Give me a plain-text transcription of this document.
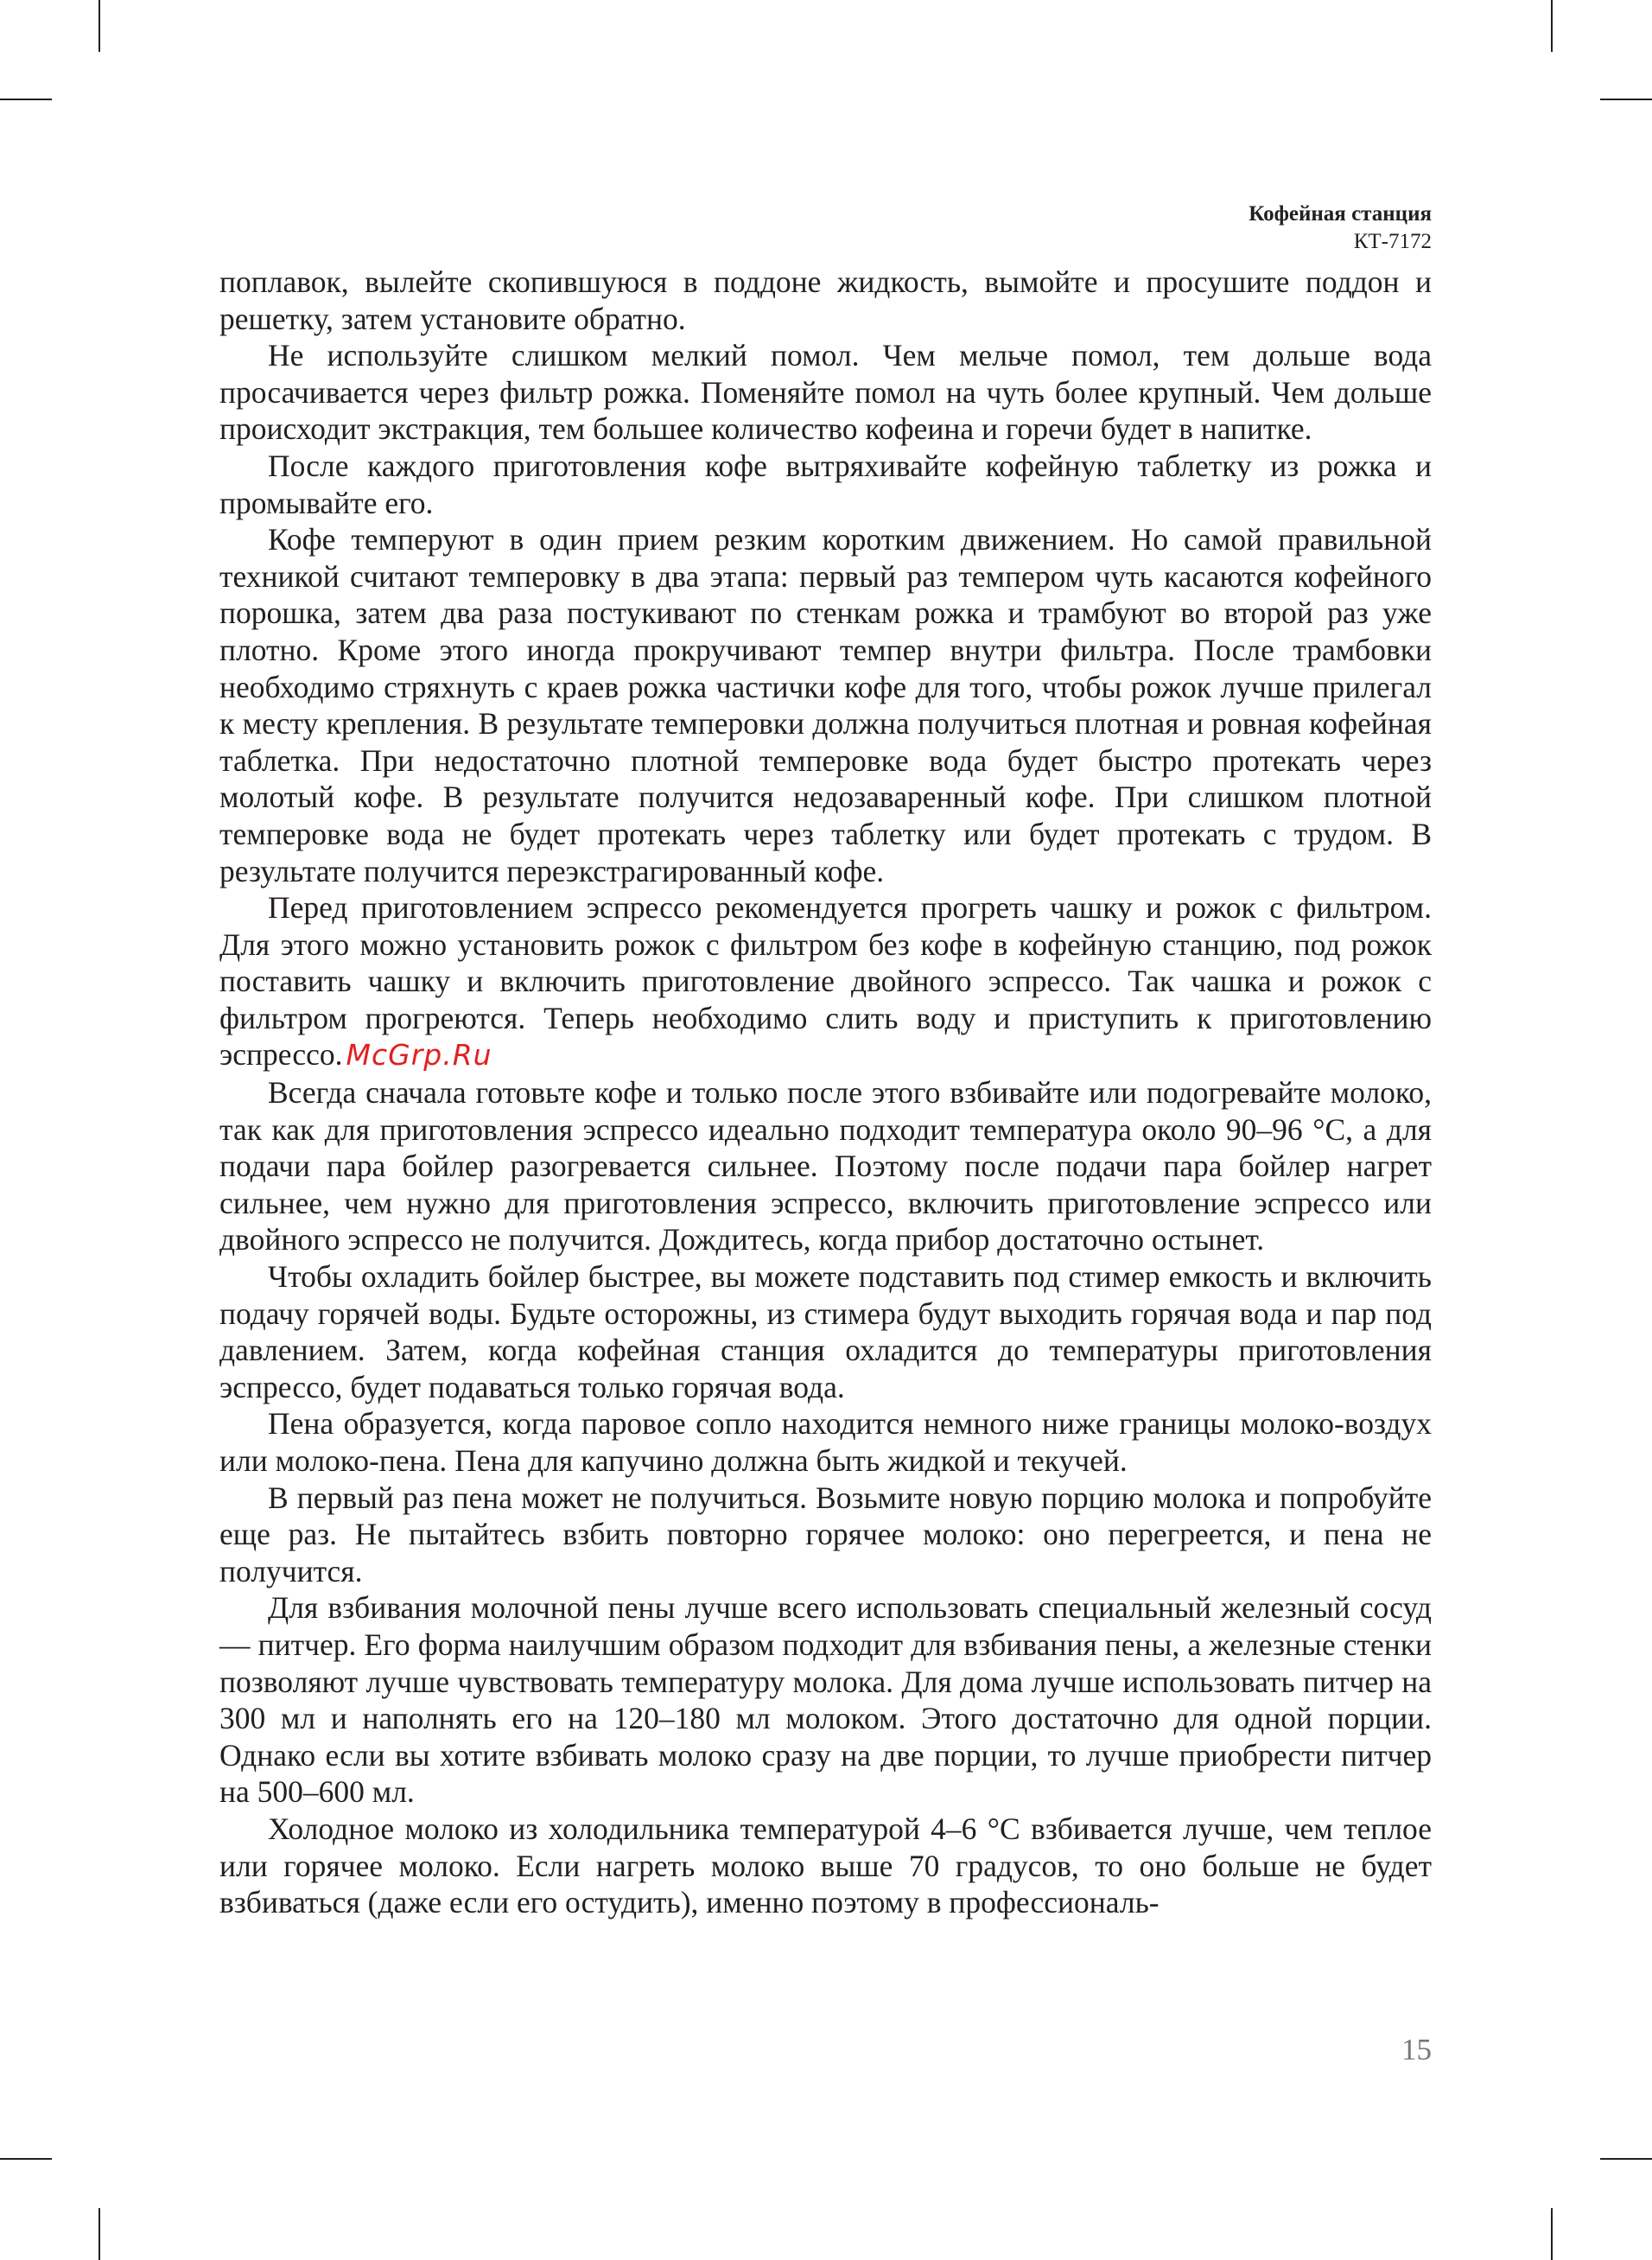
Кофейная станция
КТ-7172

поплавок, вылейте скопившуюся в поддоне жидкость, вымойте и просушите поддон и решетку, затем установите обратно.

Не используйте слишком мелкий помол. Чем мельче помол, тем дольше вода просачивается через фильтр рожка. Поменяйте помол на чуть более крупный. Чем дольше происходит экстракция, тем большее количество кофеина и горечи будет в напитке.

После каждого приготовления кофе вытряхивайте кофейную таблетку из рожка и промывайте его.

Кофе темперуют в один прием резким коротким движением. Но самой правильной техникой считают темперовку в два этапа: первый раз темпером чуть касаются кофейного порошка, затем два раза постукивают по стенкам рожка и трамбуют во второй раз уже плотно. Кроме этого иногда прокручивают темпер внутри фильтра. После трамбовки необходимо стряхнуть с краев рожка частички кофе для того, чтобы рожок лучше прилегал к месту крепления. В результате темперовки должна получиться плотная и ровная кофейная таблетка. При недостаточно плотной темперовке вода будет быстро протекать через молотый кофе. В результате получится недозаваренный кофе. При слишком плотной темперовке вода не будет протекать через таблетку или будет протекать с трудом. В результате получится переэкстрагированный кофе.

Перед приготовлением эспрессо рекомендуется прогреть чашку и рожок с фильтром. Для этого можно установить рожок с фильтром без кофе в кофейную станцию, под рожок поставить чашку и включить приготовление двойного эспрессо. Так чашка и рожок с фильтром прогреются. Теперь необходимо слить воду и приступить к приготовлению эспрессо. McGrp.Ru

Всегда сначала готовьте кофе и только после этого взбивайте или подогревайте молоко, так как для приготовления эспрессо идеально подходит температура около 90–96 °С, а для подачи пара бойлер разогревается сильнее. Поэтому после подачи пара бойлер нагрет сильнее, чем нужно для приготовления эспрессо, включить приготовление эспрессо или двойного эспрессо не получится. Дождитесь, когда прибор достаточно остынет.

Чтобы охладить бойлер быстрее, вы можете подставить под стимер емкость и включить подачу горячей воды. Будьте осторожны, из стимера будут выходить горячая вода и пар под давлением. Затем, когда кофейная станция охладится до температуры приготовления эспрессо, будет подаваться только горячая вода.

Пена образуется, когда паровое сопло находится немного ниже границы молоко-воздух или молоко-пена. Пена для капучино должна быть жидкой и текучей.

В первый раз пена может не получиться. Возьмите новую порцию молока и попробуйте еще раз. Не пытайтесь взбить повторно горячее молоко: оно перегреется, и пена не получится.

Для взбивания молочной пены лучше всего использовать специальный железный сосуд — питчер. Его форма наилучшим образом подходит для взбивания пены, а железные стенки позволяют лучше чувствовать температуру молока. Для дома лучше использовать питчер на 300 мл и наполнять его на 120–180 мл молоком. Этого достаточно для одной порции. Однако если вы хотите взбивать молоко сразу на две порции, то лучше приобрести питчер на 500–600 мл.

Холодное молоко из холодильника температурой 4–6 °С взбивается лучше, чем теплое или горячее молоко. Если нагреть молоко выше 70 градусов, то оно больше не будет взбиваться (даже если его остудить), именно поэтому в профессиональ-

15
